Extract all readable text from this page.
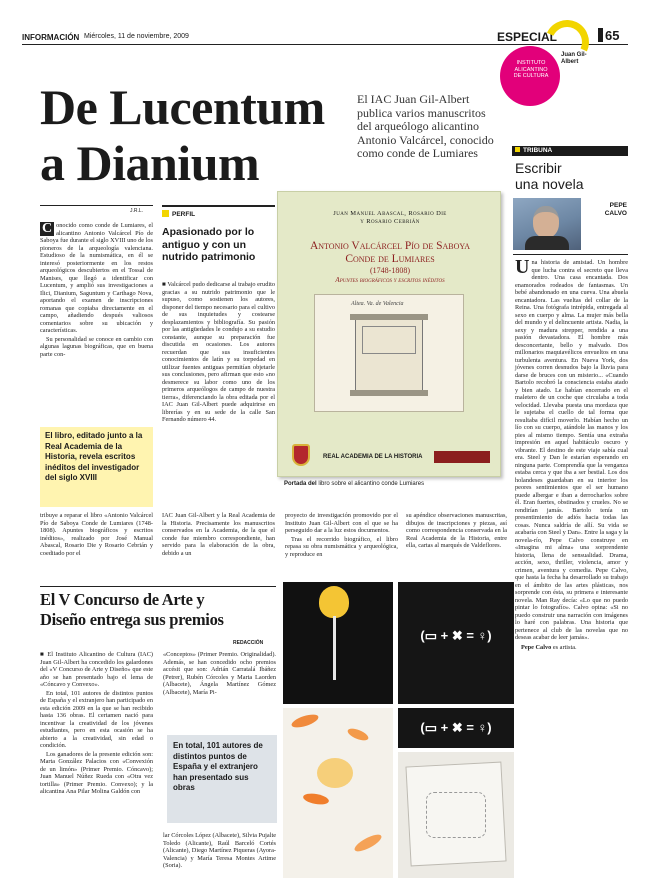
INFORMACIÓN Miércoles, 11 de noviembre, 2009	ESPECIAL	65
INSTITUTO
ALICANTINO
DE CULTURA
Juan Gil-Albert
De Lucentum
a Dianium
El IAC Juan Gil-Albert publica varios manuscritos del arqueólogo alicantino Antonio Valcárcel, conocido como conde de Lumiares
J.R.L.

C onocido como conde de Lumiares, el alicantino Antonio Valcárcel Pío de Saboya fue durante el siglo XVIII uno de los pioneros de la arqueología valenciana. Estudioso de la numismática, en él se interesó posteriormente en los restos arqueológicos descubiertos en el Tossal de Manises, que llegó a identificar con Lucentum, y amplió sus investigaciones a Ilici, Dianium, Saguntum y Carthago Nova, aportando el examen de inscripciones romanas que copiaba directamente en el campo, añadiendo después valiosos comentarios sobre su ubicación y características.

Su personalidad se conoce en cambio con algunas lagunas biográficas, que en buena parte con-

El libro, editado junto a la Real Academia de la Historia, revela escritos inéditos del investigador del siglo XVIII
PERFIL
Apasionado por lo antiguo y con un nutrido patrimonio

■ Valcárcel pudo dedicarse al trabajo erudito gracias a su nutrido patrimonio que le supuso, como sostienen los autores, disponer del tiempo necesario para el cultivo de sus inquietudes y costearse desplazamientos y bibliografía. Su pasión por las antigüedades le condujo a su estudio constante, aunque su preparación fue discutida en ocasiones. Los autores recuerdan que sus insuficientes conocimientos de latín y su torpedad en utilizar fuentes antiguas permitían objetarle sus conclusiones, pero afirman que esto «no desmerece su labor como uno de los primeros arqueólogos de campo de nuestra tierra», diferenciando la obra editada por el IAC Juan Gil-Albert puede adquirirse en librerías y en su sede de la calle San Fernando número 44.

Juan Manuel Abascal, Rosario Die
y Rosario Cebrián
Antonio Valcárcel Pío de Saboya
Conde de Lumiares
(1748-1808)
Apuntes biográficos y escritos inéditos
Altea. Va. de Valencia
REAL ACADEMIA DE LA HISTORIA
Portada del libro sobre el alicantino conde Lumiares

tribuye a reparar el libro «Antonio Valcárcel Pío de Saboya Conde de Lumiares (1748-1808). Apuntes biográficos y escritos inéditos», realizado por José Manual Abascal, Rosario Die y Rosario Cebrián y coeditado por el

IAC Juan Gil-Albert y la Real Academia de la Historia. Precisamente los manuscritos conservados en la Academia, de la que el conde fue miembro correspondiente, han servido para la elaboración de la obra, debido a un

proyecto de investigación promovido por el Instituto Juan Gil-Albert con el que se ha perseguido dar a la luz estos documentos.

Tras el recorrido biográfico, el libro repasa su obra numismática y arqueológica, y reproduce en

su apéndice observaciones manuscritas, dibujos de inscripciones y piezas, así como correspondencia conservada en la Real Academia de la Historia, entre ella, cartas al marqués de Valdeflores.

TRIBUNA
Escribir
una novela
PEPE
CALVO

Una historia de amistad. Un hombre que lucha contra el secreto que lleva dentro. Una casa encantada. Dos enamorados rodeados de fantasmas. Un bebé abandonado en una cueva. Una abuela encantadora. Las vueltas del collar de la Reina. Una fotógrafa intrépida, entregada al sexo en cuerpo y alma. La mujer más bella del mundo y el delincuente artista. Nadia, la sexy y madura strepper, rendida a una pasión devastadora. El hombre más desconcertante, bello y malvado. Dos millonarios maquiavélicos envueltos en una turbulenta aventura. En Nueva York, dos jóvenes corren desnudos bajo la lluvia para darse de bruces con un misterio... «Cuando Bartolo recobró la consciencia estaba atado y bien atado. Le habían encerrado en el maletero de un coche que circulaba a toda velocidad. Llevaba puesta una mordaza que le sujetaba el cuello de tal forma que resultaba difícil moverlo. Habían hecho un lío con su cuerpo, atándole las manos y los pies al mismo tiempo. Sentía una extraña impresión en aquel habitáculo oscuro y vibrante. El destino de este viaje sabía cual era. Steel y Dan le estarían esperando en ninguna parte. Comprendía que la venganza estaba cerca y que iba a ser bestial. Los dos holandeses guardaban en su interior los peores sentimientos que el ser humano puede albergar e iban a derrocharlos sobre él. Eran fuertes, obstinados y crueles. No se rendirían jamás. Bartolo tenía un presentimiento de adiós hacia todas las cosas. Nunca saldría de allí. Su vida se acabaría con Steel y Dan». Entre la saga y la novela-río, Pepe Calvo construye en «Imagina mi alma» una sorprendente historia, llena de sensualidad. Drama, acción, sexo, thriller, violencia, amor y crimen, aventura y comedia. Pepe Calvo, que hasta la fecha ha desarrollado su trabajo en el ámbito de las artes plásticas, nos sorprende con ésta, su primera e interesante novela. Man Ray decía: «Lo que no puedo pintar lo fotografío». Calvo opina: «Si no puedo construir una narración con imágenes lo haré con palabras. Una historia que pertenece al club de las novelas que no deseas acabar de leer jamás».

Pepe Calvo es artista.

El V Concurso de Arte y
Diseño entrega sus premios
REDACCIÓN

■ El Instituto Alicantino de Cultura (IAC) Juan Gil-Albert ha concedido los galardones del «V Concurso de Arte y Diseño» que este año se han presentado bajo el lema de «Cóncavo y Convexo».

En total, 101 autores de distintos puntos de España y el extranjero han participado en esta edición 2009 en la que se han recibido hasta 136 obras. El certamen nació para incentivar la creatividad de los jóvenes estudiantes, pero en esta ocasión se ha abierto a la creatividad, sin edad o condición.

Los ganadores de la presente edición son: Marta González Palacios con «Convexión de un limón» (Primer Premio. Cóncavo); Juan Manuel Núñez Rueda con «Otra vez tortilla» (Primer Premio. Convexo); y la alicantina Ana Pilar Molina Galdón con

«Conceptos» (Primer Premio. Originalidad). Además, se han concedido ocho premios accésit que son: Adrián Carratalá Ibáñez (Petrer), Rubén Córcoles y Marta Laorden (Albacete), Ángela Martínez Gómez (Albacete), María Pi-

En total, 101 autores de distintos puntos de España y el extranjero han presentado sus obras

lar Córcoles López (Albacete), Silvia Pujalte Toledo (Alicante), Raúl Barceló Cortés (Alicante), Diego Martínez Piqueras (Ayora-Valencia) y María Teresa Montes Artime (Soria).

(▭ + ✖ = ♀)
(▭ + ✖ = ♀)
